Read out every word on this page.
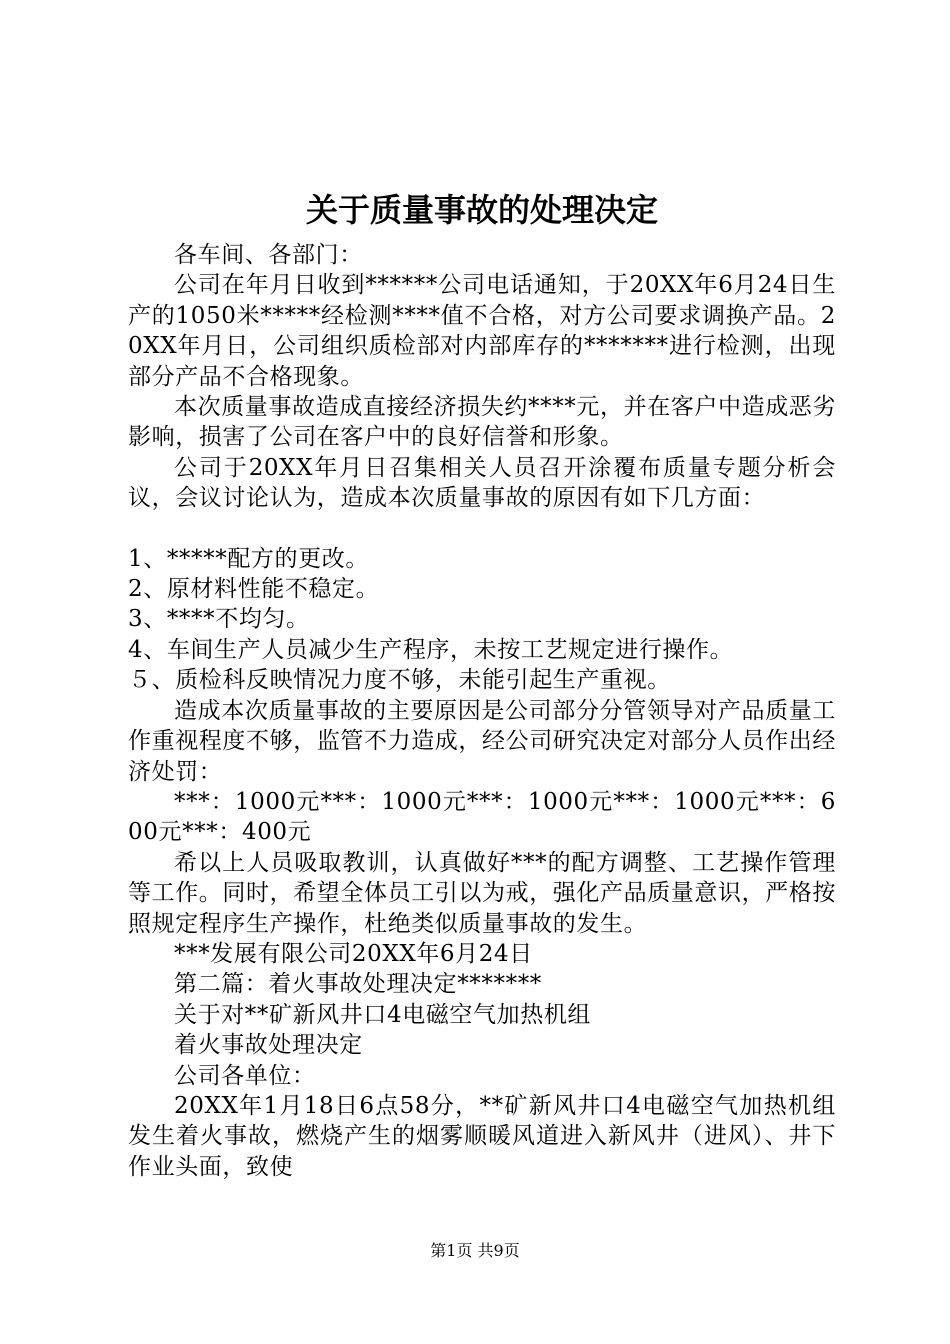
关于质量事故的处理决定

各车间、各部门：

公司在年月日收到******公司电话通知，于20XX年6月24日生产的1050米*****经检测****值不合格，对方公司要求调换产品。20XX年月日，公司组织质检部对内部库存的*******进行检测，出现部分产品不合格现象。

本次质量事故造成直接经济损失约****元，并在客户中造成恶劣影响，损害了公司在客户中的良好信誉和形象。

公司于20XX年月日召集相关人员召开涂覆布质量专题分析会议，会议讨论认为，造成本次质量事故的原因有如下几方面：

1、*****配方的更改。

2、原材料性能不稳定。

3、****不均匀。

4、车间生产人员减少生产程序，未按工艺规定进行操作。

５、质检科反映情况力度不够，未能引起生产重视。

造成本次质量事故的主要原因是公司部分分管领导对产品质量工作重视程度不够，监管不力造成，经公司研究决定对部分人员作出经济处罚：

***：1000元***：1000元***：1000元***：1000元***：600元***：400元

希以上人员吸取教训，认真做好***的配方调整、工艺操作管理等工作。同时，希望全体员工引以为戒，强化产品质量意识，严格按照规定程序生产操作，杜绝类似质量事故的发生。

***发展有限公司20XX年6月24日

第二篇：着火事故处理决定*******

关于对**矿新风井口4电磁空气加热机组

着火事故处理决定

公司各单位：

20XX年1月18日6点58分，**矿新风井口4电磁空气加热机组发生着火事故，燃烧产生的烟雾顺暖风道进入新风井（进风）、井下作业头面，致使

第1页 共9页
